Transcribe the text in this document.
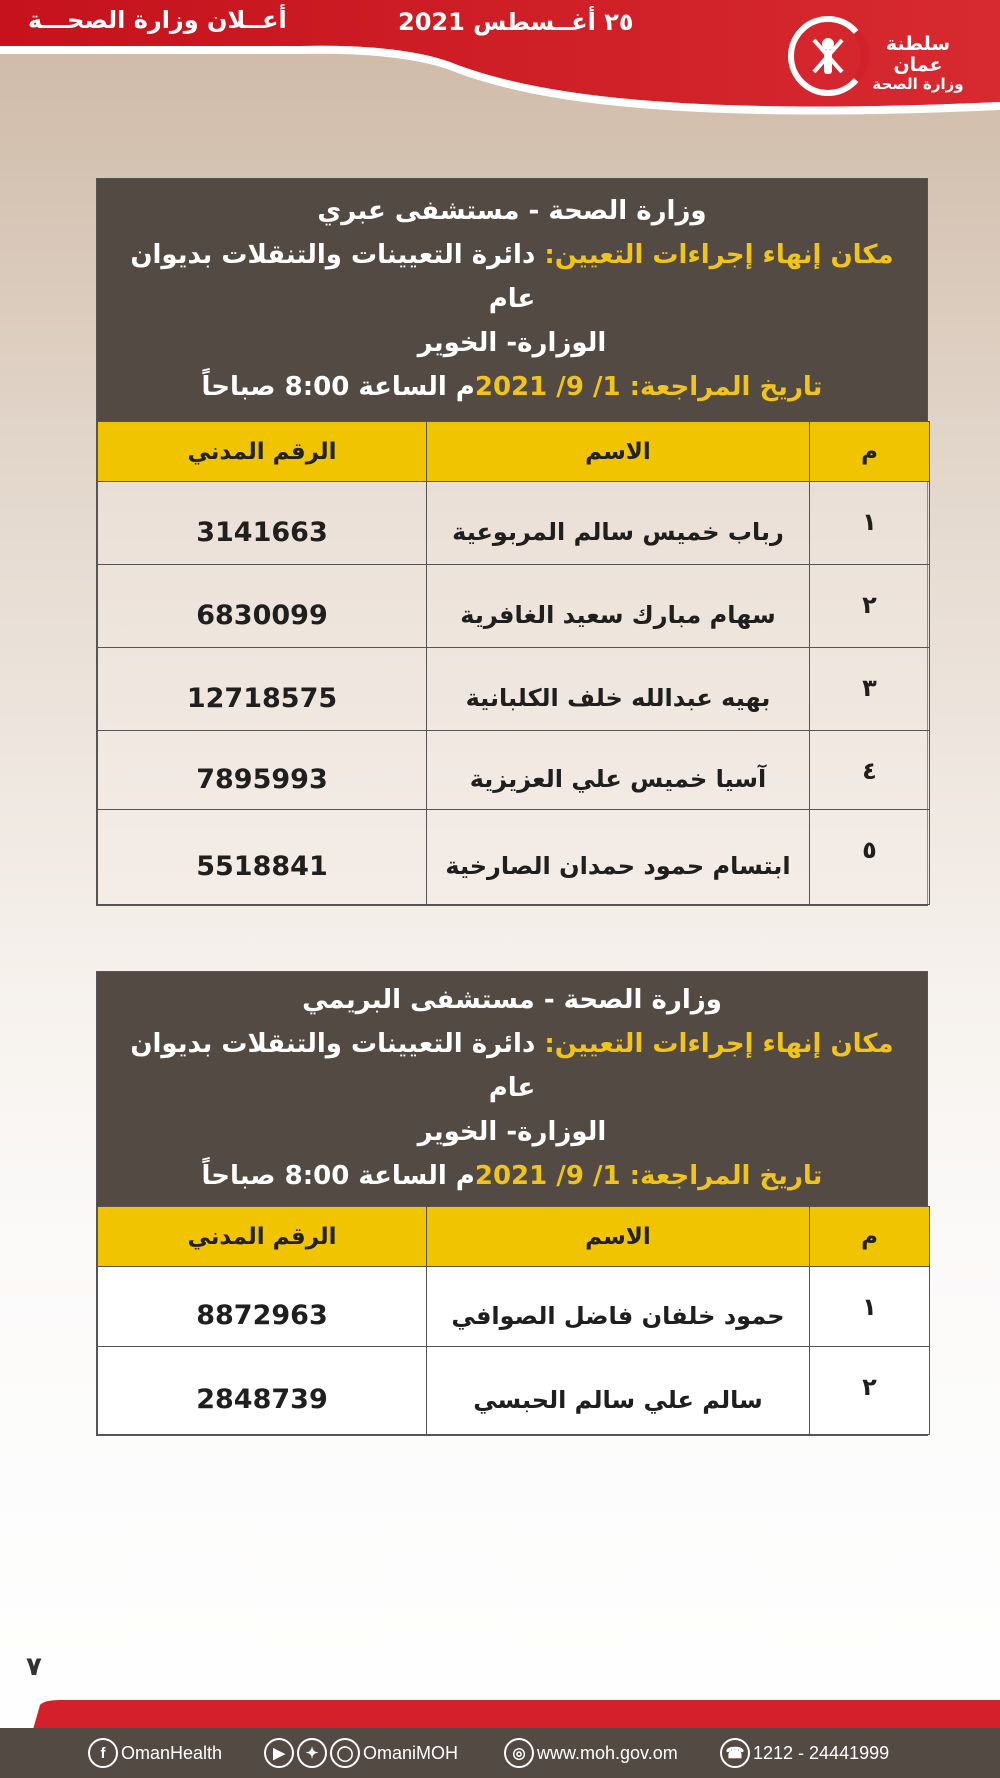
أعــلان وزارة الصحـــة	٢٥ أغــسطس 2021
سلطنة عمان
وزارة الصحة
وزارة الصحة - مستشفى عبري
مكان إنهاء إجراءات التعيين: دائرة التعيينات والتنقلات بديوان عام
الوزارة- الخوير
تاريخ المراجعة: 1/ 9/ 2021م الساعة 8:00 صباحاً
م	الاسم	الرقم المدني
١	رباب خميس سالم المربوعية	3141663
٢	سهام مبارك سعيد الغافرية	6830099
٣	بهيه عبدالله خلف الكلبانية	12718575
٤	آسيا خميس علي العزيزية	7895993
٥	ابتسام حمود حمدان الصارخية	5518841
وزارة الصحة - مستشفى البريمي
مكان إنهاء إجراءات التعيين: دائرة التعيينات والتنقلات بديوان عام
الوزارة- الخوير
تاريخ المراجعة: 1/ 9/ 2021م الساعة 8:00 صباحاً
م	الاسم	الرقم المدني
١	حمود خلفان فاضل الصوافي	8872963
٢	سالم علي سالم الحبسي	2848739
٧
f OmanHealth	▶	✦	◯ OmaniMOH	◎ www.moh.gov.om	☎ 1212 - 24441999
